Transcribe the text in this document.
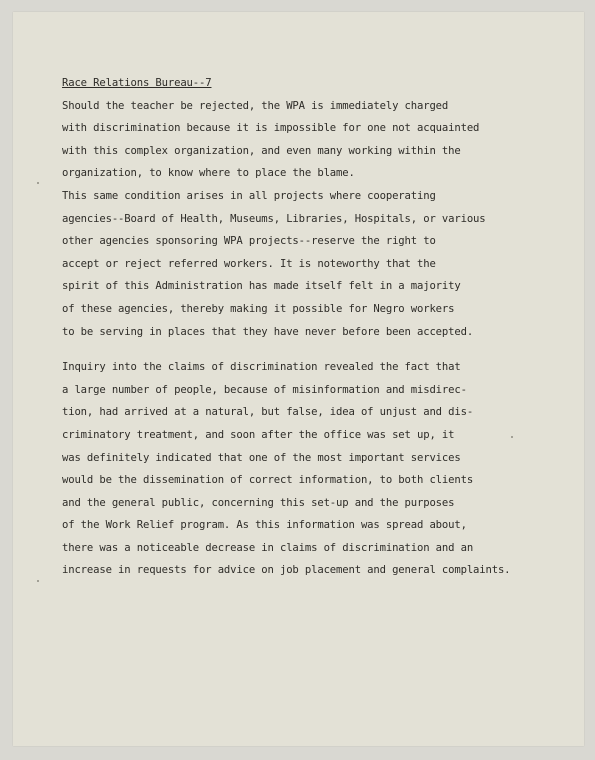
Race Relations Bureau--7
Should the teacher be rejected, the WPA is immediately charged
with discrimination because it is impossible for one not acquainted
with this complex organization, and even many working within the
organization, to know where to place the blame.
This same condition arises in all projects where cooperating
agencies--Board of Health, Museums, Libraries, Hospitals, or various
other agencies sponsoring WPA projects--reserve the right to
accept or reject referred workers. It is noteworthy that the
spirit of this Administration has made itself felt in a majority
of these agencies, thereby making it possible for Negro workers
to be serving in places that they have never before been accepted.
Inquiry into the claims of discrimination revealed the fact that
a large number of people, because of misinformation and misdirec-
tion, had arrived at a natural, but false, idea of unjust and dis-
criminatory treatment, and soon after the office was set up, it
was definitely indicated that one of the most important services
would be the dissemination of correct information, to both clients
and the general public, concerning this set-up and the purposes
of the Work Relief program. As this information was spread about,
there was a noticeable decrease in claims of discrimination and an
increase in requests for advice on job placement and general complaints.
